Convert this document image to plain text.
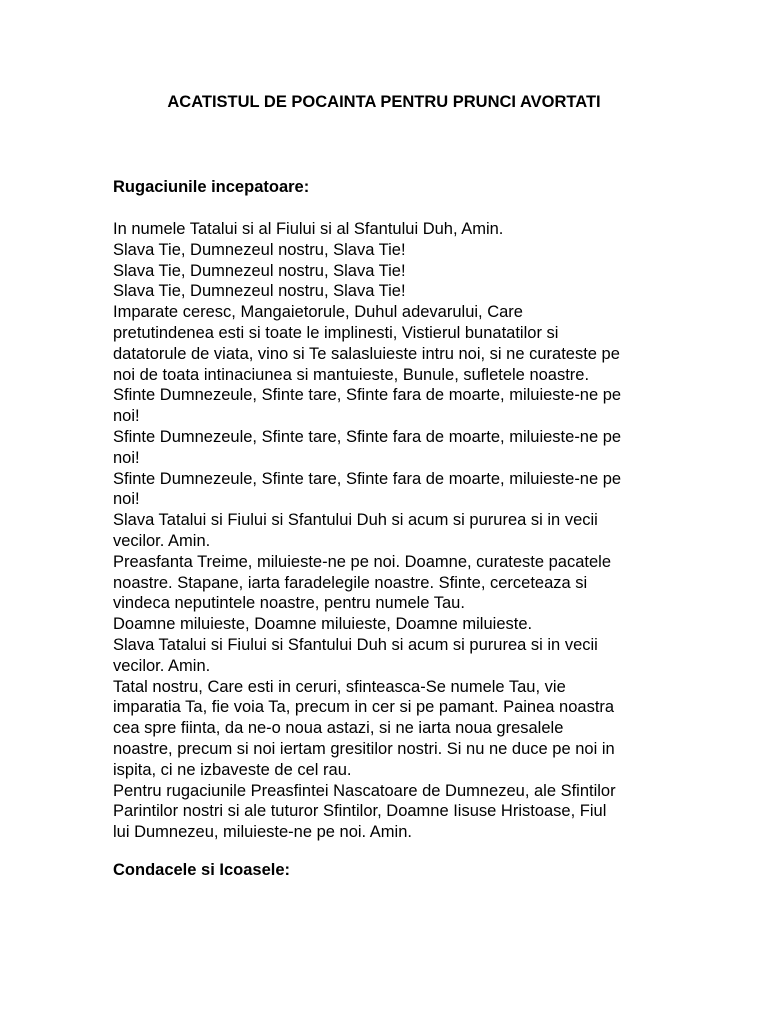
ACATISTUL DE POCAINTA PENTRU PRUNCI AVORTATI
Rugaciunile incepatoare:
In numele Tatalui si al Fiului si al Sfantului Duh, Amin.
Slava Tie, Dumnezeul nostru, Slava Tie!
Slava Tie, Dumnezeul nostru, Slava Tie!
Slava Tie, Dumnezeul nostru, Slava Tie!
Imparate ceresc, Mangaietorule, Duhul adevarului, Care
pretutindenea esti si toate le implinesti, Vistierul bunatatilor si
datatorule de viata, vino si Te salasluieste intru noi, si ne curateste pe
noi de toata intinaciunea si mantuieste, Bunule, sufletele noastre.
Sfinte Dumnezeule, Sfinte tare, Sfinte fara de moarte, miluieste-ne pe
noi!
Sfinte Dumnezeule, Sfinte tare, Sfinte fara de moarte, miluieste-ne pe
noi!
Sfinte Dumnezeule, Sfinte tare, Sfinte fara de moarte, miluieste-ne pe
noi!
Slava Tatalui si Fiului si Sfantului Duh si acum si pururea si in vecii
vecilor. Amin.
Preasfanta Treime, miluieste-ne pe noi. Doamne, curateste pacatele
noastre. Stapane, iarta faradelegile noastre. Sfinte, cerceteaza si
vindeca neputintele noastre, pentru numele Tau.
Doamne miluieste, Doamne miluieste, Doamne miluieste.
Slava Tatalui si Fiului si Sfantului Duh si acum si pururea si in vecii
vecilor. Amin.
Tatal nostru, Care esti in ceruri, sfinteasca-Se numele Tau, vie
imparatia Ta, fie voia Ta, precum in cer si pe pamant. Painea noastra
cea spre fiinta, da ne-o noua astazi, si ne iarta noua gresalele
noastre, precum si noi iertam gresitilor nostri. Si nu ne duce pe noi in
ispita, ci ne izbaveste de cel rau.
Pentru rugaciunile Preasfintei Nascatoare de Dumnezeu, ale Sfintilor
Parintilor nostri si ale tuturor Sfintilor, Doamne Iisuse Hristoase, Fiul
lui Dumnezeu, miluieste-ne pe noi. Amin.
Condacele si Icoasele:
